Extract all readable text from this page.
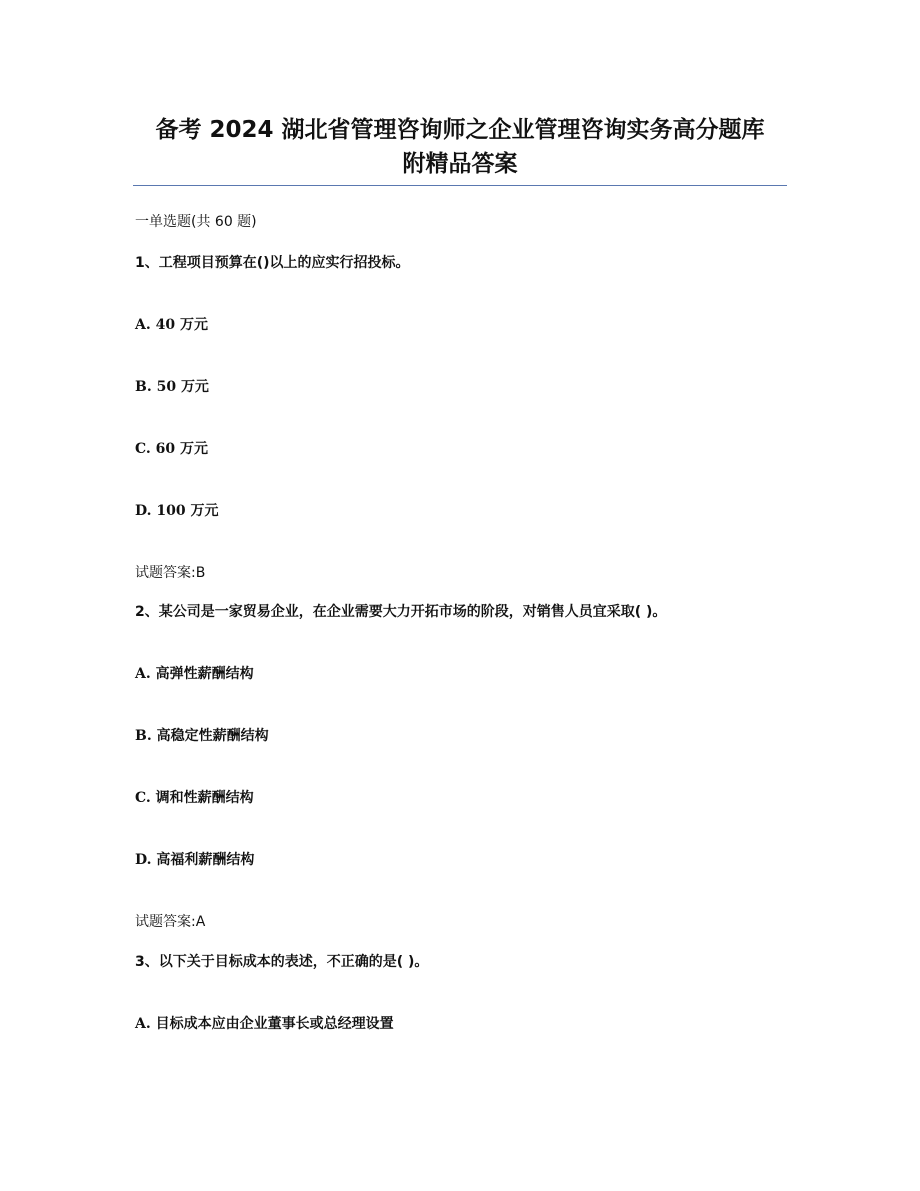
备考 2024 湖北省管理咨询师之企业管理咨询实务高分题库
附精品答案

一单选题(共 60 题)

1、工程项目预算在()以上的应实行招投标。

A. 40 万元

B. 50 万元

C. 60 万元

D. 100 万元

试题答案:B

2、某公司是一家贸易企业，在企业需要大力开拓市场的阶段，对销售人员宜采取( )。

A. 高弹性薪酬结构

B. 高稳定性薪酬结构

C. 调和性薪酬结构

D. 高福利薪酬结构

试题答案:A

3、以下关于目标成本的表述，不正确的是( )。

A. 目标成本应由企业董事长或总经理设置
